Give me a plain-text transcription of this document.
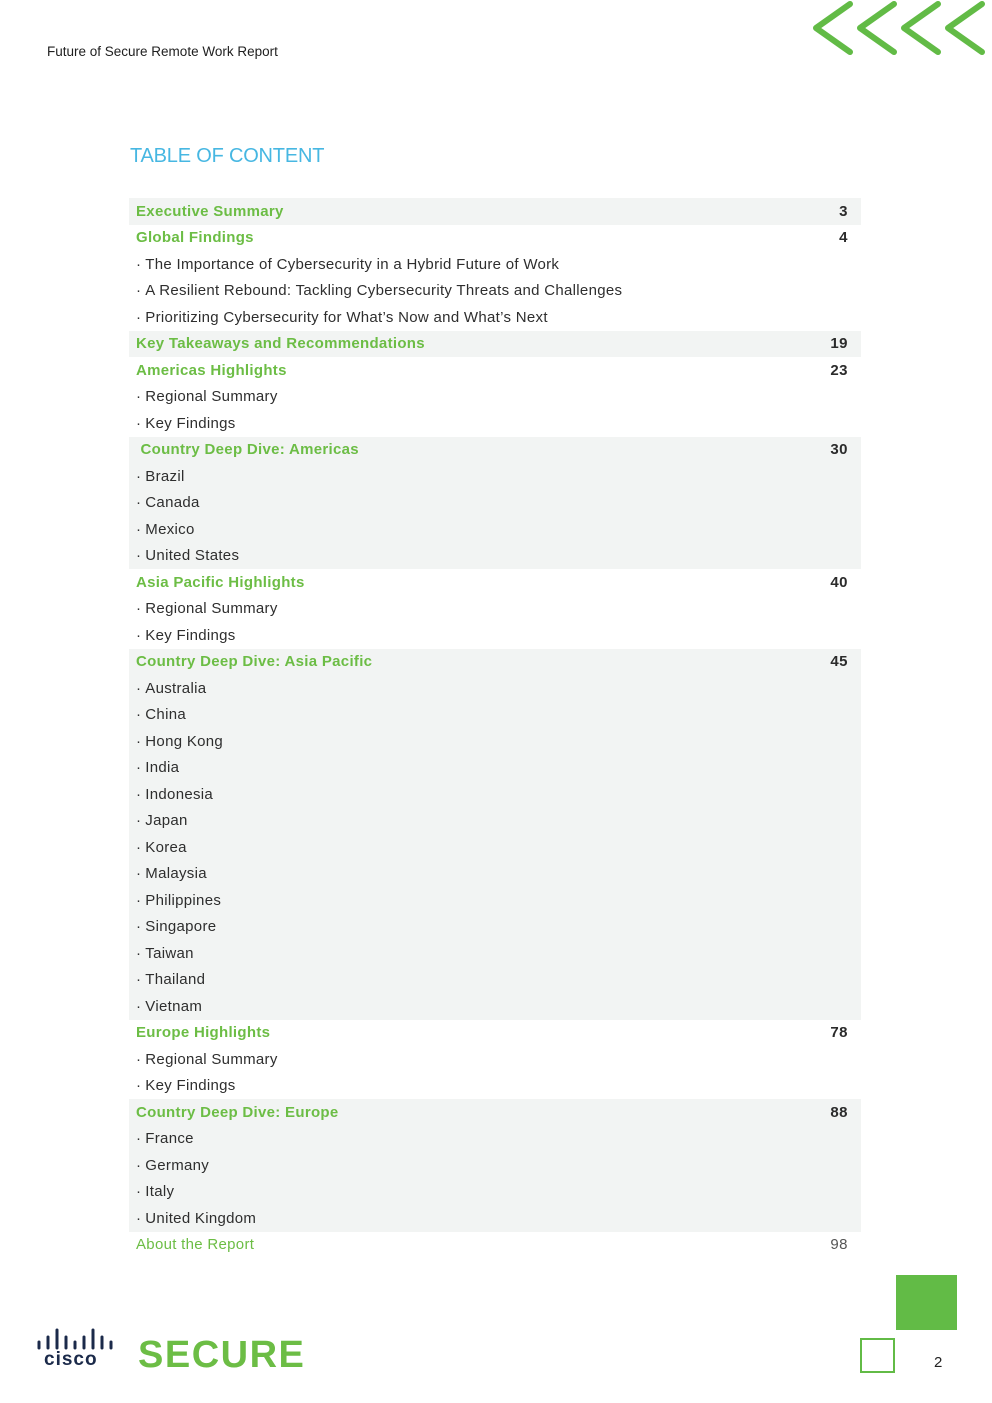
Future of Secure Remote Work Report
TABLE OF CONTENT
Executive Summary	3
Global Findings	4
· The Importance of Cybersecurity in a Hybrid Future of Work
· A Resilient Rebound: Tackling Cybersecurity Threats and Challenges
· Prioritizing Cybersecurity for What’s Now and What’s Next
Key Takeaways and Recommendations	19
Americas Highlights	23
· Regional Summary
· Key Findings
Country Deep Dive: Americas	30
· Brazil
· Canada
· Mexico
· United States
Asia Pacific Highlights	40
· Regional Summary
· Key Findings
Country Deep Dive: Asia Pacific	45
· Australia
· China
· Hong Kong
· India
· Indonesia
· Japan
· Korea
· Malaysia
· Philippines
· Singapore
· Taiwan
· Thailand
· Vietnam
Europe Highlights	78
· Regional Summary
· Key Findings
Country Deep Dive: Europe	88
· France
· Germany
· Italy
· United Kingdom
About the Report	98
cisco SECURE	2
